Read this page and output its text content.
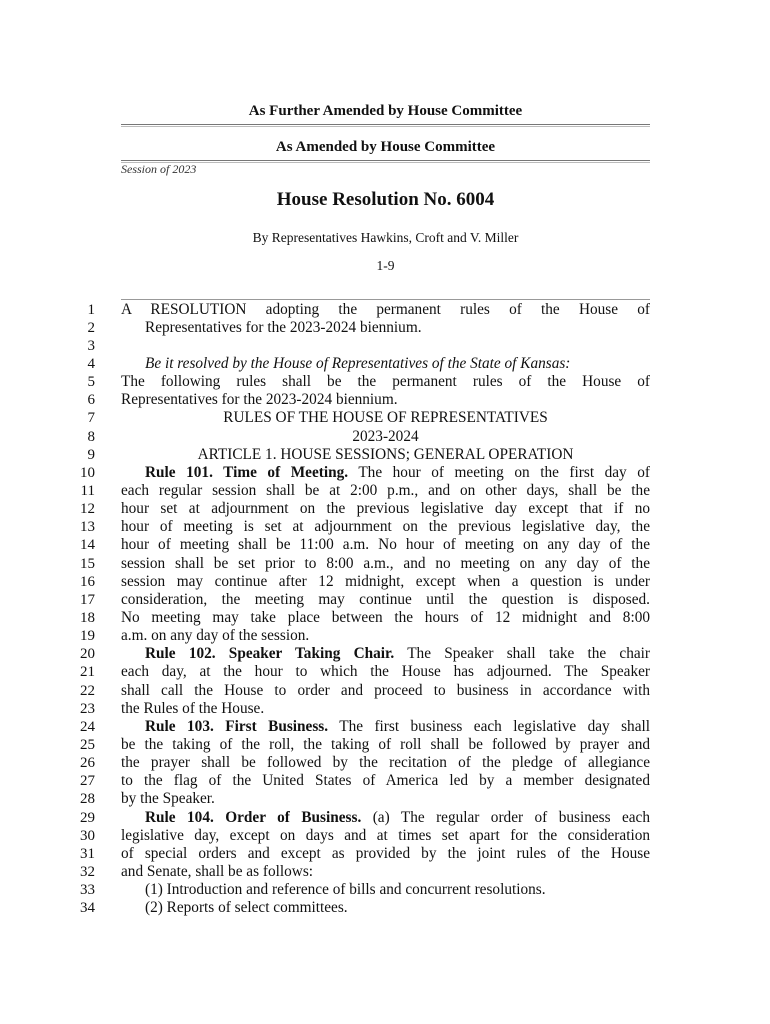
As Further Amended by House Committee
As Amended by House Committee
Session of 2023
House Resolution No. 6004
By Representatives Hawkins, Croft and V. Miller
1-9
1
2
3
4
5
6
7
8
9
10
11
12
13
14
15
16
17
18
19
20
21
22
23
24
25
26
27
28
29
30
31
32
33
34
A RESOLUTION adopting the permanent rules of the House of
Representatives for the 2023-2024 biennium.
Be it resolved by the House of Representatives of the State of Kansas:
The following rules shall be the permanent rules of the House of
Representatives for the 2023-2024 biennium.
RULES OF THE HOUSE OF REPRESENTATIVES
2023-2024
ARTICLE 1. HOUSE SESSIONS; GENERAL OPERATION
Rule 101. Time of Meeting. The hour of meeting on the first day of
each regular session shall be at 2:00 p.m., and on other days, shall be the
hour set at adjournment on the previous legislative day except that if no
hour of meeting is set at adjournment on the previous legislative day, the
hour of meeting shall be 11:00 a.m. No hour of meeting on any day of the
session shall be set prior to 8:00 a.m., and no meeting on any day of the
session may continue after 12 midnight, except when a question is under
consideration, the meeting may continue until the question is disposed.
No meeting may take place between the hours of 12 midnight and 8:00
a.m. on any day of the session.
Rule 102. Speaker Taking Chair. The Speaker shall take the chair
each day, at the hour to which the House has adjourned. The Speaker
shall call the House to order and proceed to business in accordance with
the Rules of the House.
Rule 103. First Business. The first business each legislative day shall
be the taking of the roll, the taking of roll shall be followed by prayer and
the prayer shall be followed by the recitation of the pledge of allegiance
to the flag of the United States of America led by a member designated
by the Speaker.
Rule 104. Order of Business. (a) The regular order of business each
legislative day, except on days and at times set apart for the consideration
of special orders and except as provided by the joint rules of the House
and Senate, shall be as follows:
(1) Introduction and reference of bills and concurrent resolutions.
(2) Reports of select committees.
